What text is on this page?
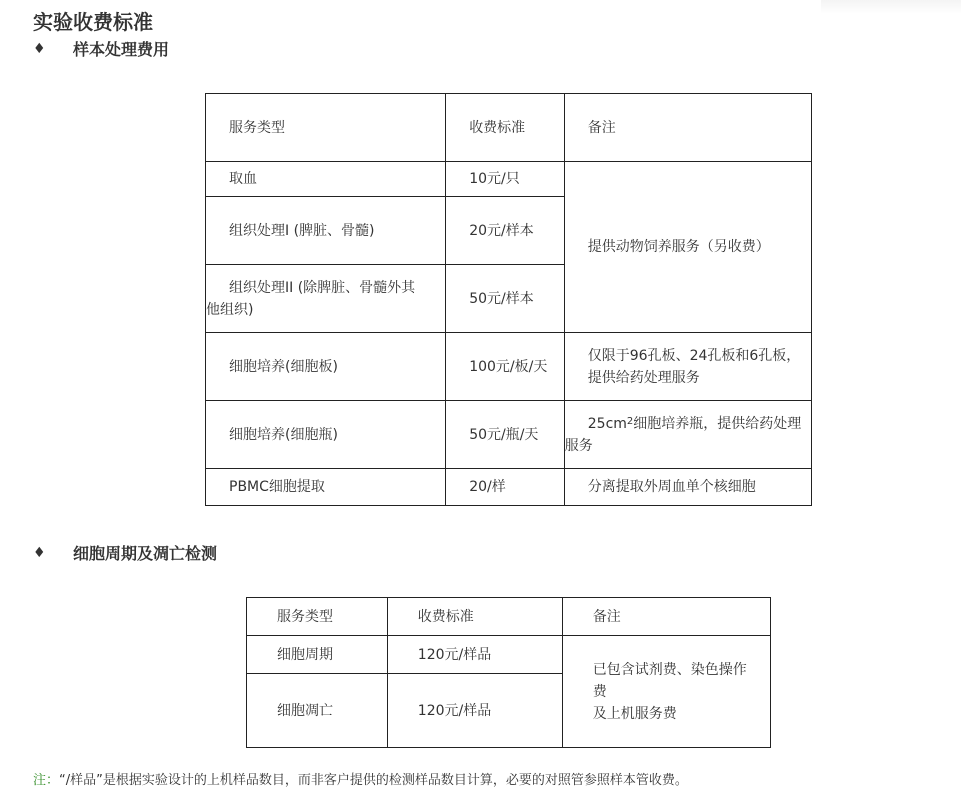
实验收费标准
♦	样本处理费用
服务类型	收费标准	备注
取血	10元/只	提供动物饲养服务（另收费）
组织处理I (脾脏、骨髓)	20元/样本	

组织处理II (除脾脏、骨髓外其
他组织)	50元/样本	
细胞培养(细胞板)	100元/板/天	仅限于96孔板、24孔板和6孔板，
提供给药处理服务

细胞培养(细胞瓶)	50元/瓶/天	$25cm^2$细胞培养瓶，提供给药处理
服务

PBMC细胞提取	20/样	分离提取外周血单个核细胞
♦	细胞周期及凋亡检测
服务类型	收费标准	备注
细胞周期	120元/样品	已包含试剂费、染色操作
费
及上机服务费

细胞凋亡	120元/样品	

注：“/样品”是根据实验设计的上机样品数目，而非客户提供的检测样品数目计算，必要的对照管参照样本管收费。
